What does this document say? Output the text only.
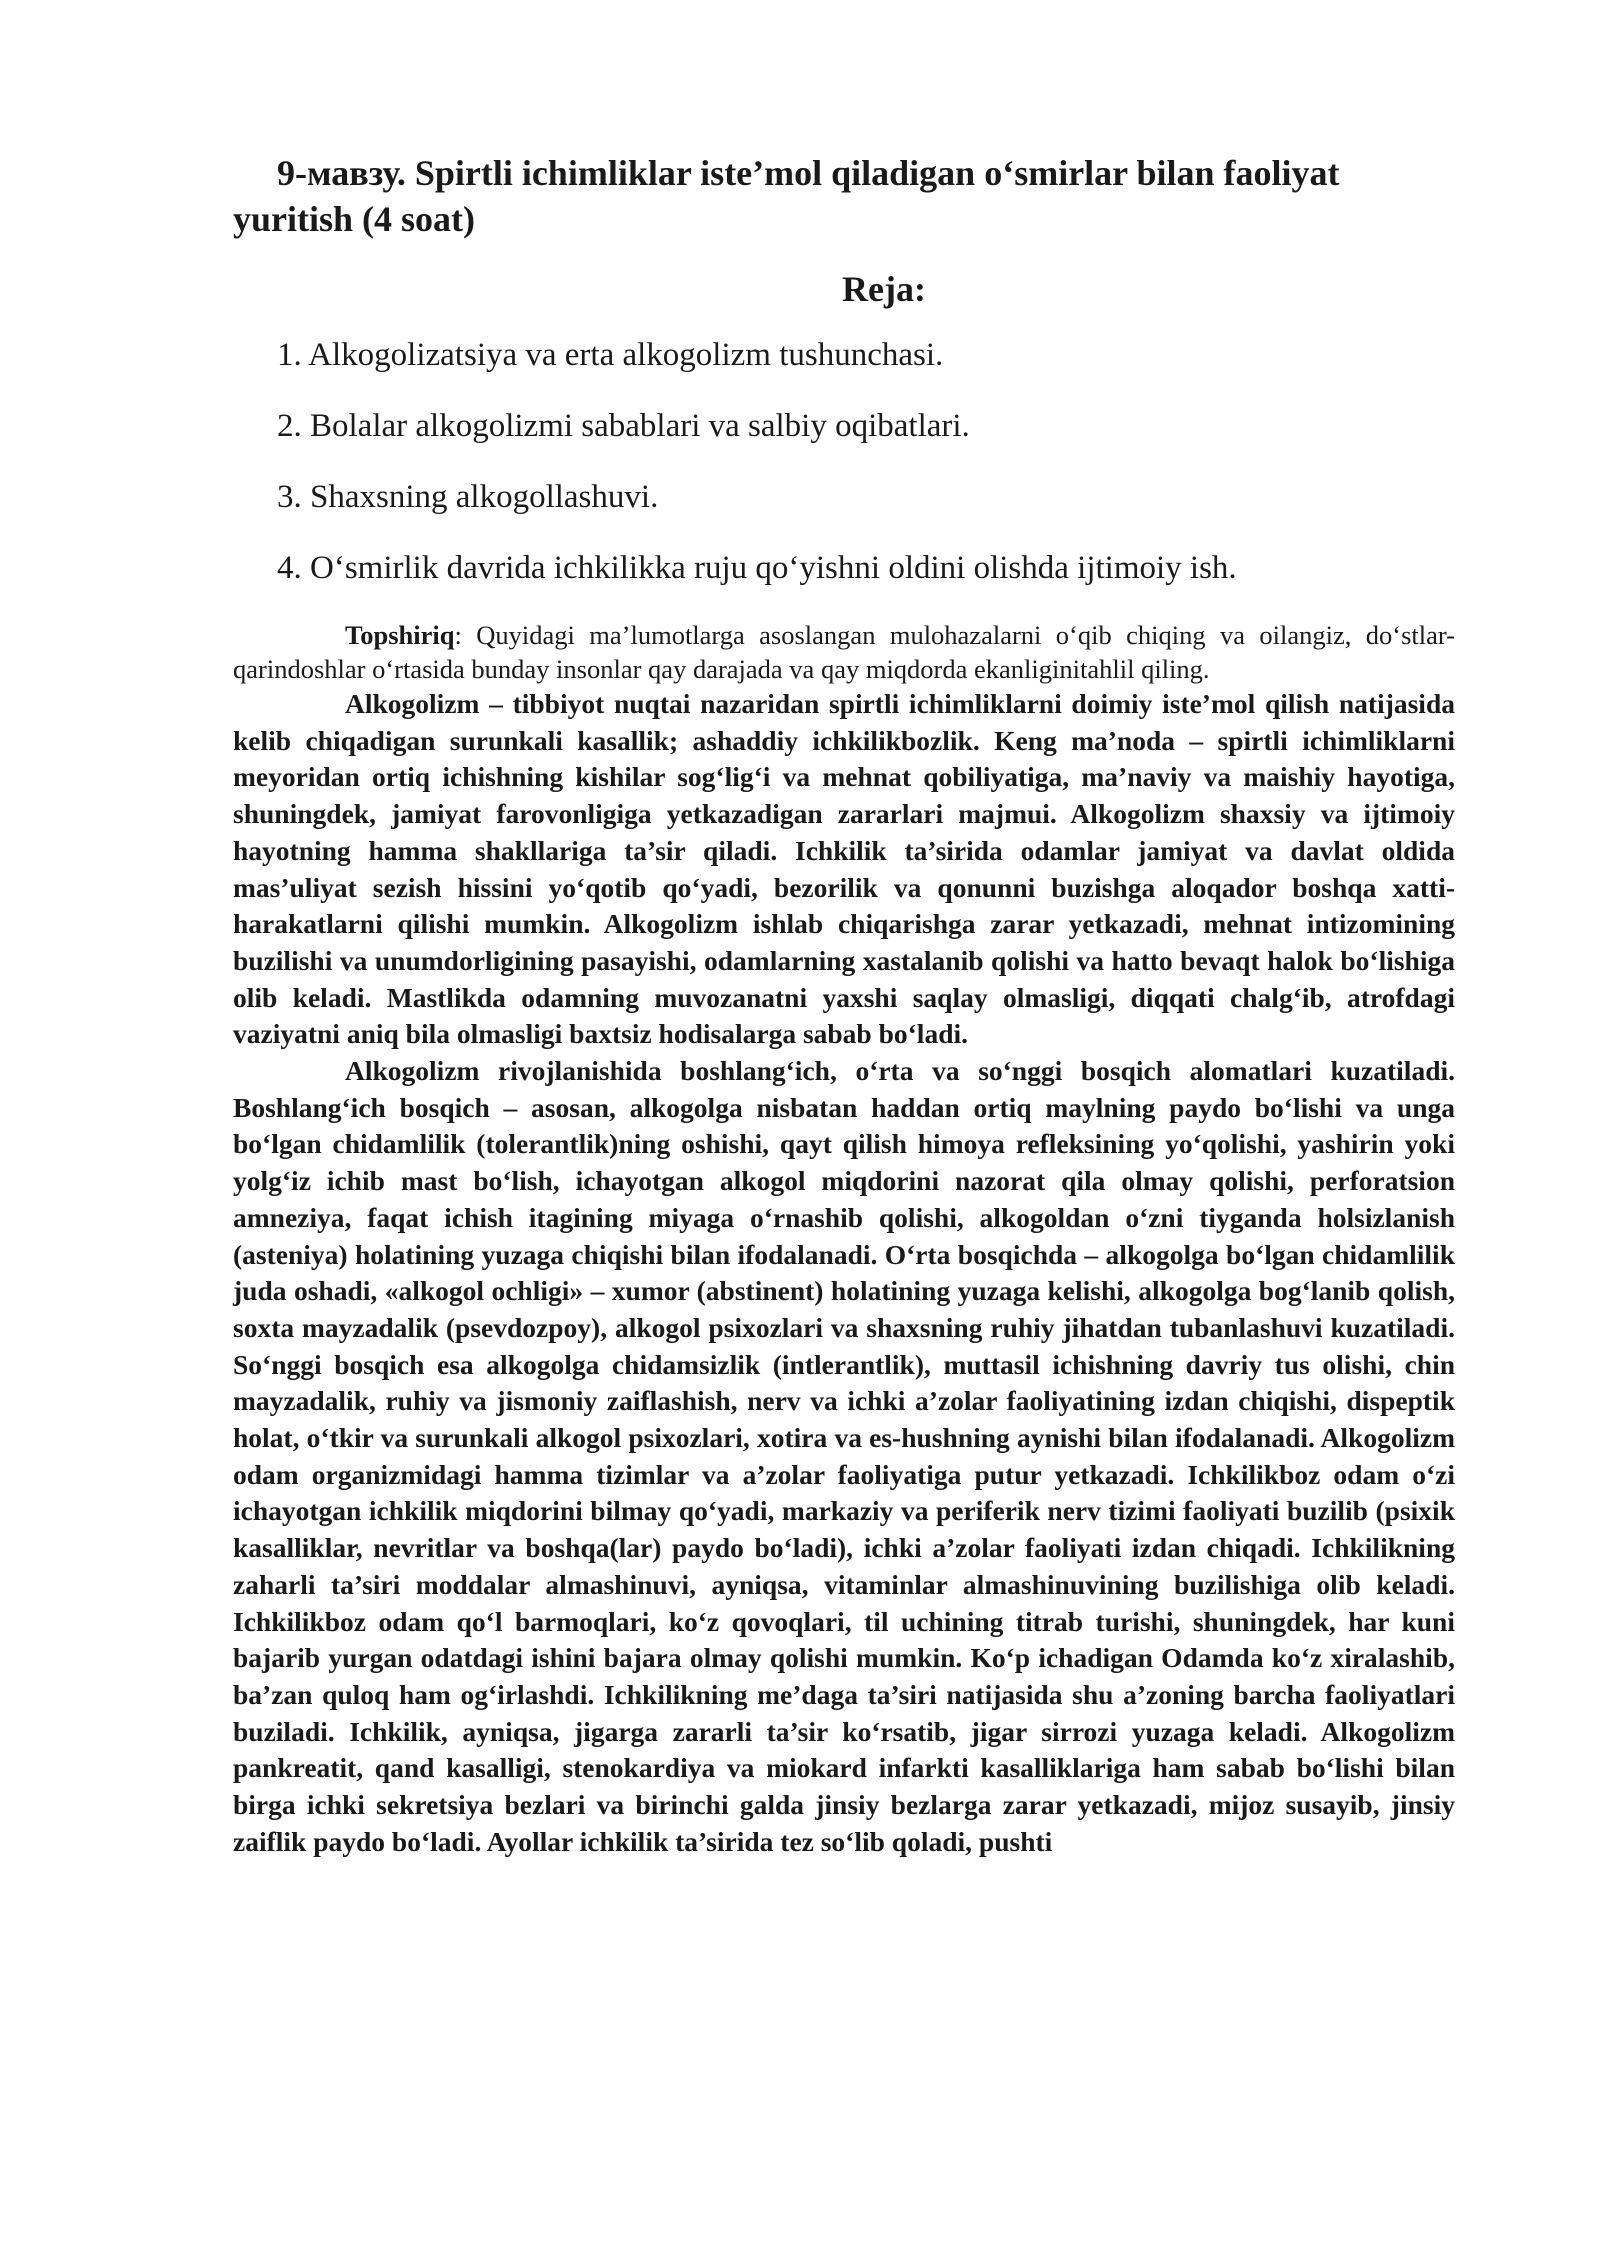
9-мавзу. Spirtli ichimliklar iste’mol qiladigan o‘smirlar bilan faoliyat yuritish (4 soat)
Reja:
1. Alkogolizatsiya va erta alkogolizm tushunchasi.
2. Bolalar alkogolizmi sabablari va salbiy oqibatlari.
3. Shaxsning alkogollashuvi.
4. O‘smirlik davrida ichkilikka ruju qo‘yishni oldini olishda ijtimoiy ish.

Topshiriq: Quyidagi ma’lumotlarga asoslangan mulohazalarni o‘qib chiqing va oilangiz, do‘stlar-qarindoshlar o‘rtasida bunday insonlar qay darajada va qay miqdorda ekanliginitahlil qiling.

Alkogolizm – tibbiyot nuqtai nazaridan spirtli ichimliklarni doimiy iste’mol qilish natijasida kelib chiqadigan surunkali kasallik; ashaddiy ichkilikbozlik. Keng ma’noda – spirtli ichimliklarni meyoridan ortiq ichishning kishilar sog‘lig‘i va mehnat qobiliyatiga, ma’naviy va maishiy hayotiga, shuningdek, jamiyat farovonligiga yetkazadigan zararlari majmui. Alkogolizm shaxsiy va ijtimoiy hayotning hamma shakllariga ta’sir qiladi. Ichkilik ta’sirida odamlar jamiyat va davlat oldida mas’uliyat sezish hissini yo‘qotib qo‘yadi, bezorilik va qonunni buzishga aloqador boshqa xatti-harakatlarni qilishi mumkin. Alkogolizm ishlab chiqarishga zarar yetkazadi, mehnat intizomining buzilishi va unumdorligining pasayishi, odamlarning xastalanib qolishi va hatto bevaqt halok bo‘lishiga olib keladi. Mastlikda odamning muvozanatni yaxshi saqlay olmasligi, diqqati chalg‘ib, atrofdagi vaziyatni aniq bila olmasligi baxtsiz hodisalarga sabab bo‘ladi.

Alkogolizm rivojlanishida boshlang‘ich, o‘rta va so‘nggi bosqich alomatlari kuzatiladi. Boshlang‘ich bosqich – asosan, alkogolga nisbatan haddan ortiq maylning paydo bo‘lishi va unga bo‘lgan chidamlilik (tolerantlik)ning oshishi, qayt qilish himoya refleksining yo‘qolishi, yashirin yoki yolg‘iz ichib mast bo‘lish, ichayotgan alkogol miqdorini nazorat qila olmay qolishi, perforatsion amneziya, faqat ichish itagining miyaga o‘rnashib qolishi, alkogoldan o‘zni tiyganda holsizlanish (asteniya) holatining yuzaga chiqishi bilan ifodalanadi. O‘rta bosqichda – alkogolga bo‘lgan chidamlilik juda oshadi, «alkogol ochligi» – xumor (abstinent) holatining yuzaga kelishi, alkogolga bog‘lanib qolish, soxta mayzadalik (psevdozpoy), alkogol psixozlari va shaxsning ruhiy jihatdan tubanlashuvi kuzatiladi. So‘nggi bosqich esa alkogolga chidamsizlik (intlerantlik), muttasil ichishning davriy tus olishi, chin mayzadalik, ruhiy va jismoniy zaiflashish, nerv va ichki a’zolar faoliyatining izdan chiqishi, dispeptik holat, o‘tkir va surunkali alkogol psixozlari, xotira va es-hushning aynishi bilan ifodalanadi. Alkogolizm odam organizmidagi hamma tizimlar va a’zolar faoliyatiga putur yetkazadi. Ichkilikboz odam o‘zi ichayotgan ichkilik miqdorini bilmay qo‘yadi, markaziy va periferik nerv tizimi faoliyati buzilib (psixik kasalliklar, nevritlar va boshqa(lar) paydo bo‘ladi), ichki a’zolar faoliyati izdan chiqadi. Ichkilikning zaharli ta’siri moddalar almashinuvi, ayniqsa, vitaminlar almashinuvining buzilishiga olib keladi. Ichkilikboz odam qo‘l barmoqlari, ko‘z qovoqlari, til uchining titrab turishi, shuningdek, har kuni bajarib yurgan odatdagi ishini bajara olmay qolishi mumkin. Ko‘p ichadigan Odamda ko‘z xiralashib, ba’zan quloq ham og‘irlashdi. Ichkilikning me’daga ta’siri natijasida shu a’zoning barcha faoliyatlari buziladi. Ichkilik, ayniqsa, jigarga zararli ta’sir ko‘rsatib, jigar sirrozi yuzaga keladi. Alkogolizm pankreatit, qand kasalligi, stenokardiya va miokard infarkti kasalliklariga ham sabab bo‘lishi bilan birga ichki sekretsiya bezlari va birinchi galda jinsiy bezlarga zarar yetkazadi, mijoz susayib, jinsiy zaiflik paydo bo‘ladi. Ayollar ichkilik ta’sirida tez so‘lib qoladi, pushti
